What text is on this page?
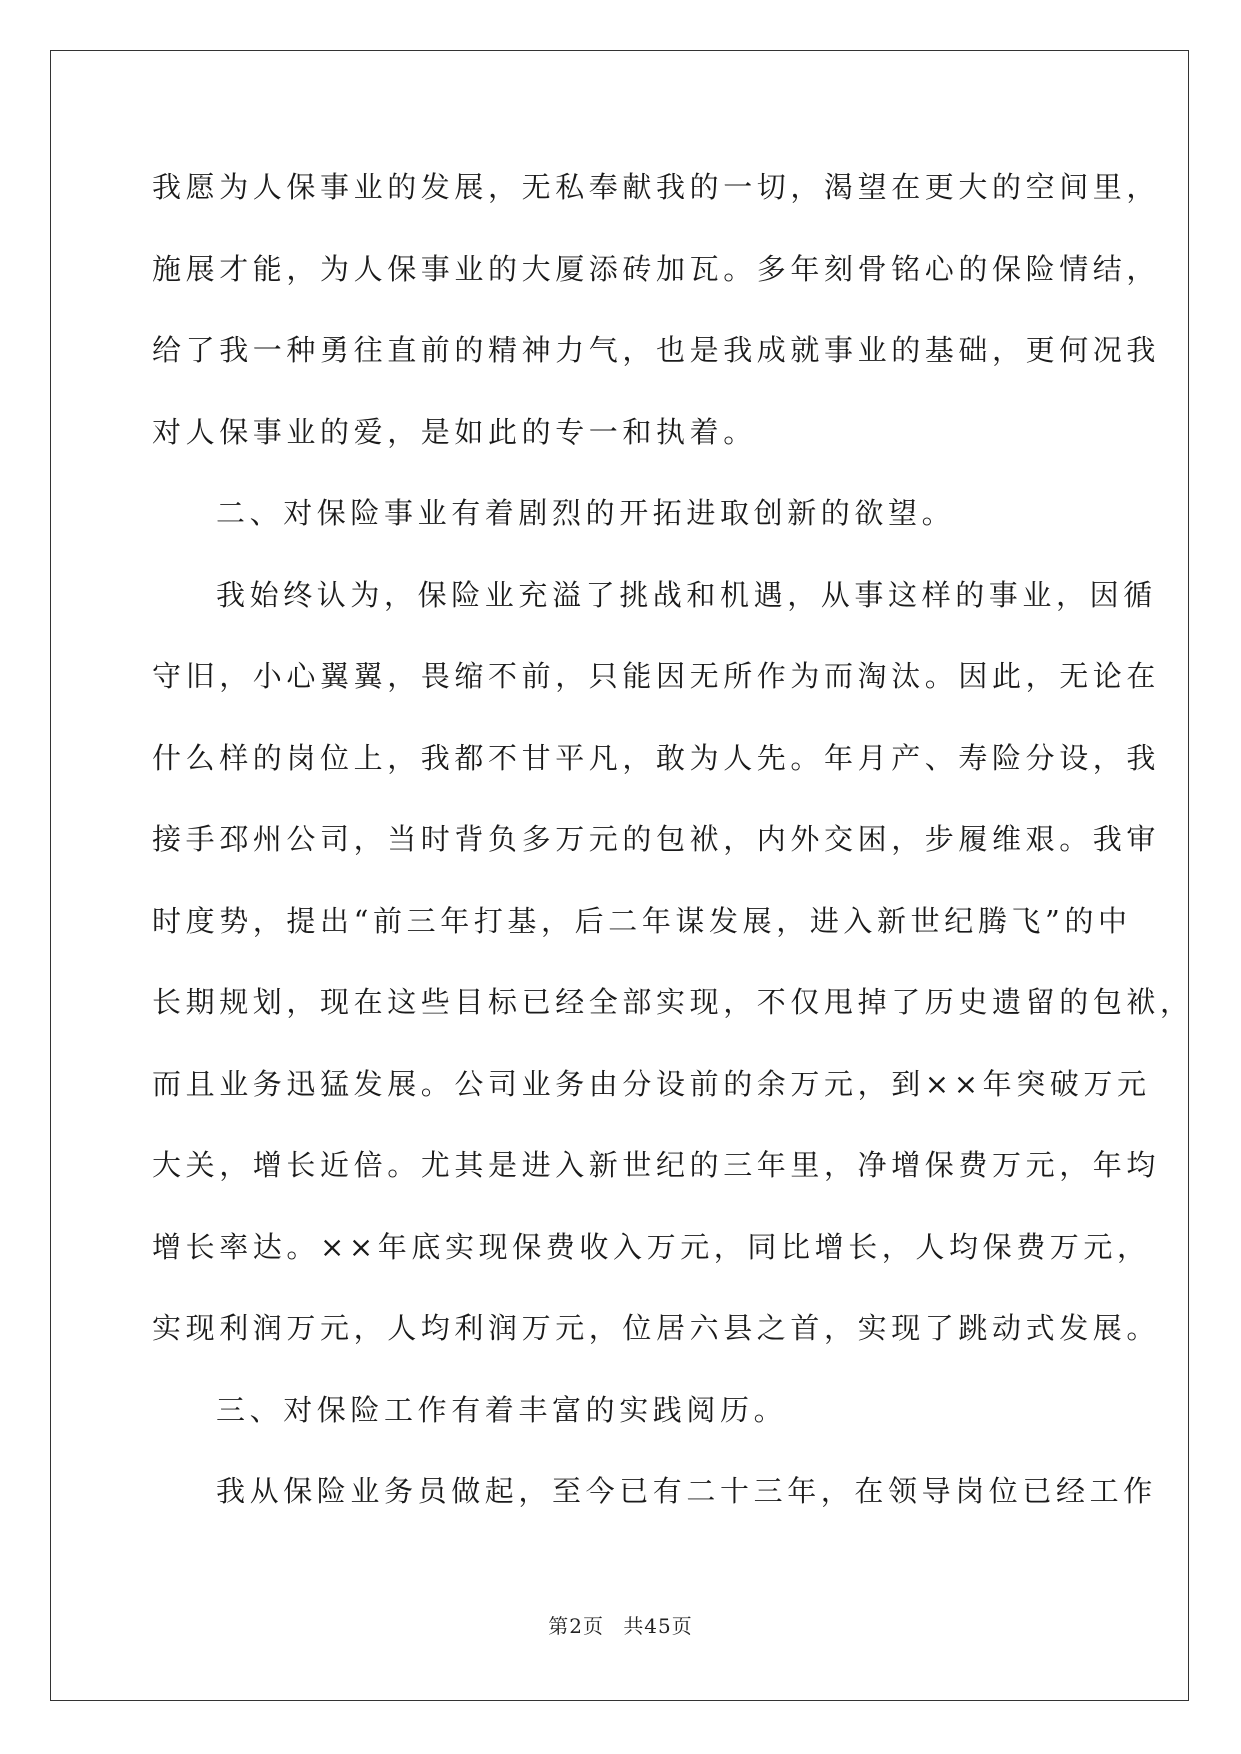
我愿为人保事业的发展，无私奉献我的一切，渴望在更大的空间里，
施展才能，为人保事业的大厦添砖加瓦。多年刻骨铭心的保险情结，
给了我一种勇往直前的精神力气，也是我成就事业的基础，更何况我
对人保事业的爱，是如此的专一和执着。
二、对保险事业有着剧烈的开拓进取创新的欲望。
我始终认为，保险业充溢了挑战和机遇，从事这样的事业，因循
守旧，小心翼翼，畏缩不前，只能因无所作为而淘汰。因此，无论在
什么样的岗位上，我都不甘平凡，敢为人先。年月产、寿险分设，我
接手邳州公司，当时背负多万元的包袱，内外交困，步履维艰。我审
时度势，提出“前三年打基，后二年谋发展，进入新世纪腾飞”的中
长期规划，现在这些目标已经全部实现，不仅甩掉了历史遗留的包袱，
而且业务迅猛发展。公司业务由分设前的余万元，到××年突破万元
大关，增长近倍。尤其是进入新世纪的三年里，净增保费万元，年均
增长率达。××年底实现保费收入万元，同比增长，人均保费万元，
实现利润万元，人均利润万元，位居六县之首，实现了跳动式发展。
三、对保险工作有着丰富的实践阅历。
我从保险业务员做起，至今已有二十三年，在领导岗位已经工作
第2页 共45页
